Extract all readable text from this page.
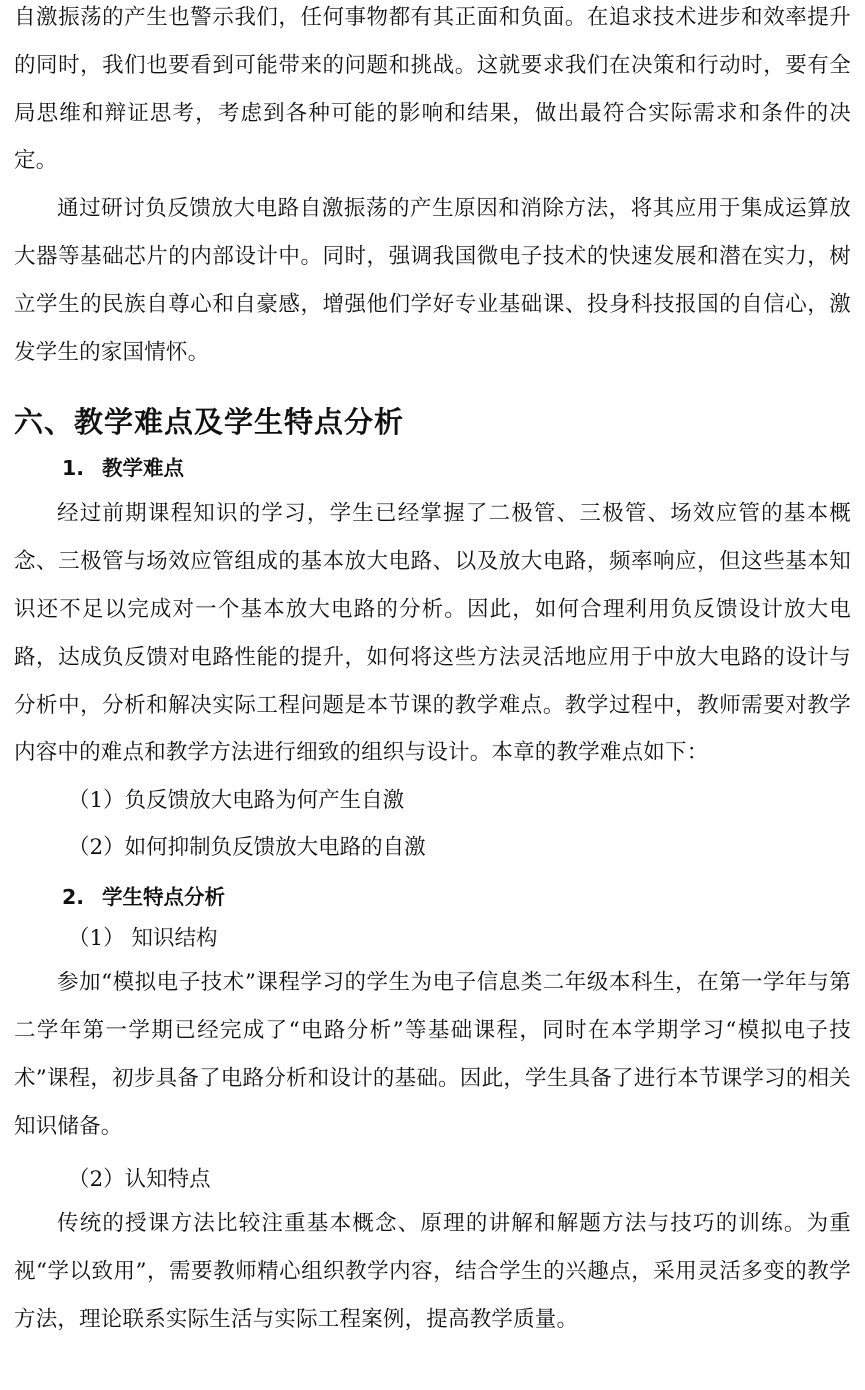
自激振荡的产生也警示我们，任何事物都有其正面和负面。在追求技术进步和效率提升的同时，我们也要看到可能带来的问题和挑战。这就要求我们在决策和行动时，要有全局思维和辩证思考，考虑到各种可能的影响和结果，做出最符合实际需求和条件的决定。

通过研讨负反馈放大电路自激振荡的产生原因和消除方法，将其应用于集成运算放大器等基础芯片的内部设计中。同时，强调我国微电子技术的快速发展和潜在实力，树立学生的民族自尊心和自豪感，增强他们学好专业基础课、投身科技报国的自信心，激发学生的家国情怀。

六、教学难点及学生特点分析
1. 教学难点

经过前期课程知识的学习，学生已经掌握了二极管、三极管、场效应管的基本概念、三极管与场效应管组成的基本放大电路、以及放大电路，频率响应，但这些基本知识还不足以完成对一个基本放大电路的分析。因此，如何合理利用负反馈设计放大电路，达成负反馈对电路性能的提升，如何将这些方法灵活地应用于中放大电路的设计与分析中，分析和解决实际工程问题是本节课的教学难点。教学过程中，教师需要对教学内容中的难点和教学方法进行细致的组织与设计。本章的教学难点如下：

（1）负反馈放大电路为何产生自激

（2）如何抑制负反馈放大电路的自激

2. 学生特点分析

（1） 知识结构

参加“模拟电子技术”课程学习的学生为电子信息类二年级本科生，在第一学年与第二学年第一学期已经完成了“电路分析”等基础课程，同时在本学期学习“模拟电子技术”课程，初步具备了电路分析和设计的基础。因此，学生具备了进行本节课学习的相关知识储备。

（2）认知特点

传统的授课方法比较注重基本概念、原理的讲解和解题方法与技巧的训练。为重视“学以致用”，需要教师精心组织教学内容，结合学生的兴趣点，采用灵活多变的教学方法，理论联系实际生活与实际工程案例，提高教学质量。
